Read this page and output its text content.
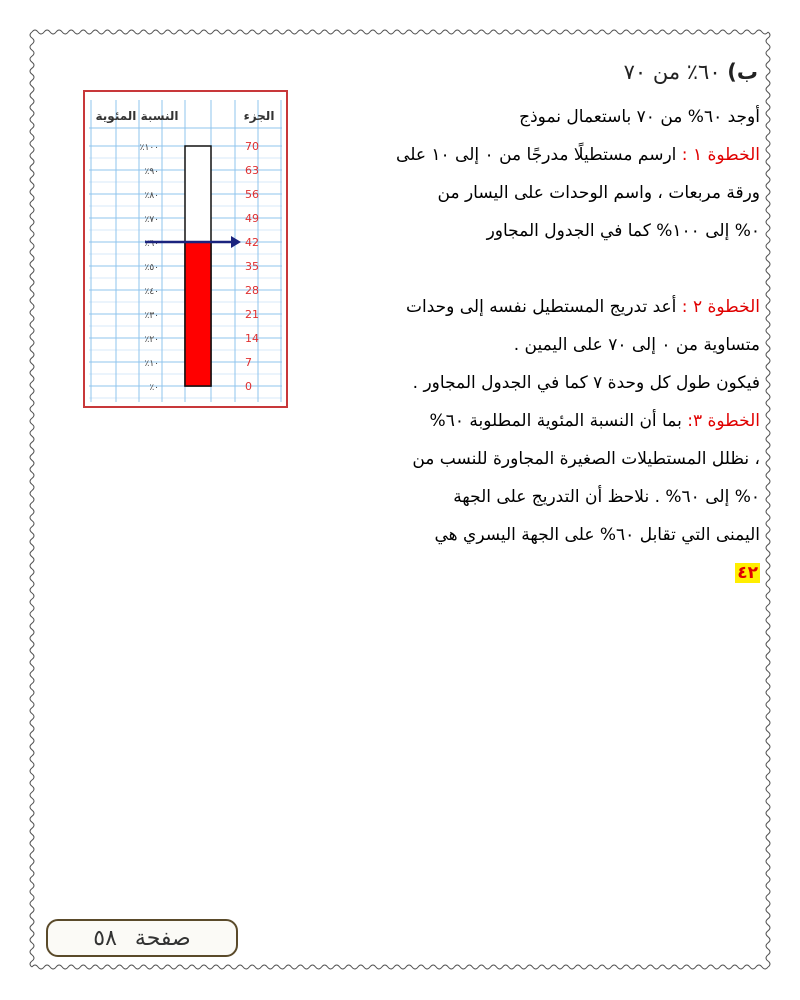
ب) ٦٠٪ من ٧٠
النسبة المئوية	الجزء
٪١٠٠
٪٩٠
٪٨٠
٪٧٠
٪٦٠
٪٥٠
٪٤٠
٪٣٠
٪٢٠
٪١٠
٪٠
70
63
56
49
42
35
28
21
14
7
0

أوجد ٦٠% من ٧٠ باستعمال نموذج

الخطوة ١ : ارسم مستطيلًا مدرجًا من ٠ إلى ١٠ على

ورقة مربعات ، واسم الوحدات على اليسار من

٠% إلى ١٠٠% كما في الجدول المجاور

الخطوة ٢ : أعد تدريج المستطيل نفسه إلى وحدات

متساوية من ٠ إلى ٧٠ على اليمين .

فيكون طول كل وحدة ٧ كما في الجدول المجاور .

الخطوة ٣: بما أن النسبة المئوية المطلوبة ٦٠%

، نظلل المستطيلات الصغيرة المجاورة للنسب من

٠% إلى ٦٠% . نلاحظ أن التدريج على الجهة

اليمنى التي تقابل ٦٠% على الجهة اليسري هي

٤٢

صفحة
٥٨
